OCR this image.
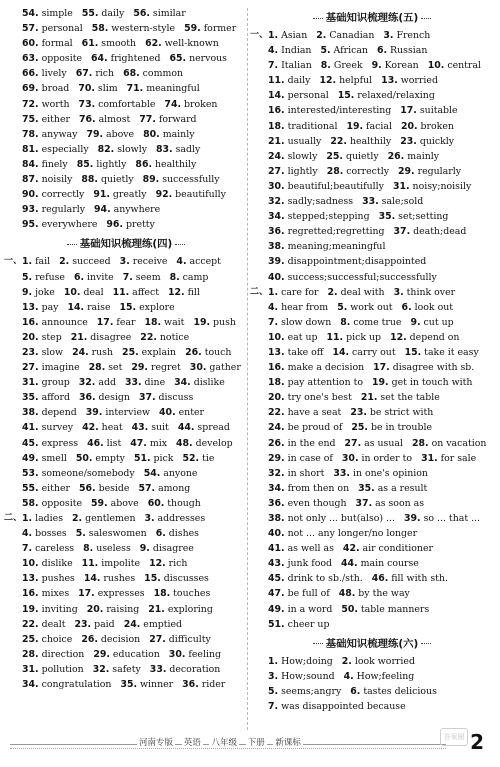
54. simple 55. daily 56. similar
57. personal 58. western-style 59. former
60. formal 61. smooth 62. well-known
63. opposite 64. frightened 65. nervous
66. lively 67. rich 68. common
69. broad 70. slim 71. meaningful
72. worth 73. comfortable 74. broken
75. either 76. almost 77. forward
78. anyway 79. above 80. mainly
81. especially 82. slowly 83. sadly
84. finely 85. lightly 86. healthily
87. noisily 88. quietly 89. successfully
90. correctly 91. greatly 92. beautifully
93. regularly 94. anywhere
95. everywhere 96. pretty
基础知识梳理练(四)
一、 1. fail 2. succeed 3. receive 4. accept
5. refuse 6. invite 7. seem 8. camp
9. joke 10. deal 11. affect 12. fill
13. pay 14. raise 15. explore
16. announce 17. fear 18. wait 19. push
20. step 21. disagree 22. notice
23. slow 24. rush 25. explain 26. touch
27. imagine 28. set 29. regret 30. gather
31. group 32. add 33. dine 34. dislike
35. afford 36. design 37. discuss
38. depend 39. interview 40. enter
41. survey 42. heat 43. suit 44. spread
45. express 46. list 47. mix 48. develop
49. smell 50. empty 51. pick 52. tie
53. someone/somebody 54. anyone
55. either 56. beside 57. among
58. opposite 59. above 60. though
二、 1. ladies 2. gentlemen 3. addresses
4. bosses 5. saleswomen 6. dishes
7. careless 8. useless 9. disagree
10. dislike 11. impolite 12. rich
13. pushes 14. rushes 15. discusses
16. mixes 17. expresses 18. touches
19. inviting 20. raising 21. exploring
22. dealt 23. paid 24. emptied
25. choice 26. decision 27. difficulty
28. direction 29. education 30. feeling
31. pollution 32. safety 33. decoration
34. congratulation 35. winner 36. rider
基础知识梳理练(五)
一、 1. Asian 2. Canadian 3. French
4. Indian 5. African 6. Russian
7. Italian 8. Greek 9. Korean 10. central
11. daily 12. helpful 13. worried
14. personal 15. relaxed/relaxing
16. interested/interesting 17. suitable
18. traditional 19. facial 20. broken
21. usually 22. healthily 23. quickly
24. slowly 25. quietly 26. mainly
27. lightly 28. correctly 29. regularly
30. beautiful;beautifully 31. noisy;noisily
32. sadly;sadness 33. sale;sold
34. stepped;stepping 35. set;setting
36. regretted;regretting 37. death;dead
38. meaning;meaningful
39. disappointment;disappointed
40. success;successful;successfully
二、 1. care for 2. deal with 3. think over
4. hear from 5. work out 6. look out
7. slow down 8. come true 9. cut up
10. eat up 11. pick up 12. depend on
13. take off 14. carry out 15. take it easy
16. make a decision 17. disagree with sb.
18. pay attention to 19. get in touch with
20. try one's best 21. set the table
22. have a seat 23. be strict with
24. be proud of 25. be in trouble
26. in the end 27. as usual 28. on vacation
29. in case of 30. in order to 31. for sale
32. in short 33. in one's opinion
34. from then on 35. as a result
36. even though 37. as soon as
38. not only ... but(also) ... 39. so ... that ...
40. not ... any longer/no longer
41. as well as 42. air conditioner
43. junk food 44. main course
45. drink to sb./sth. 46. fill with sth.
47. be full of 48. by the way
49. in a word 50. table manners
51. cheer up
基础知识梳理练(六)
1. How;doing 2. look worried
3. How;sound 4. How;feeling
5. seems;angry 6. tastes delicious
7. was disappointed because
河南专版 英语 八年级 下册 新课标
答案圈 2
